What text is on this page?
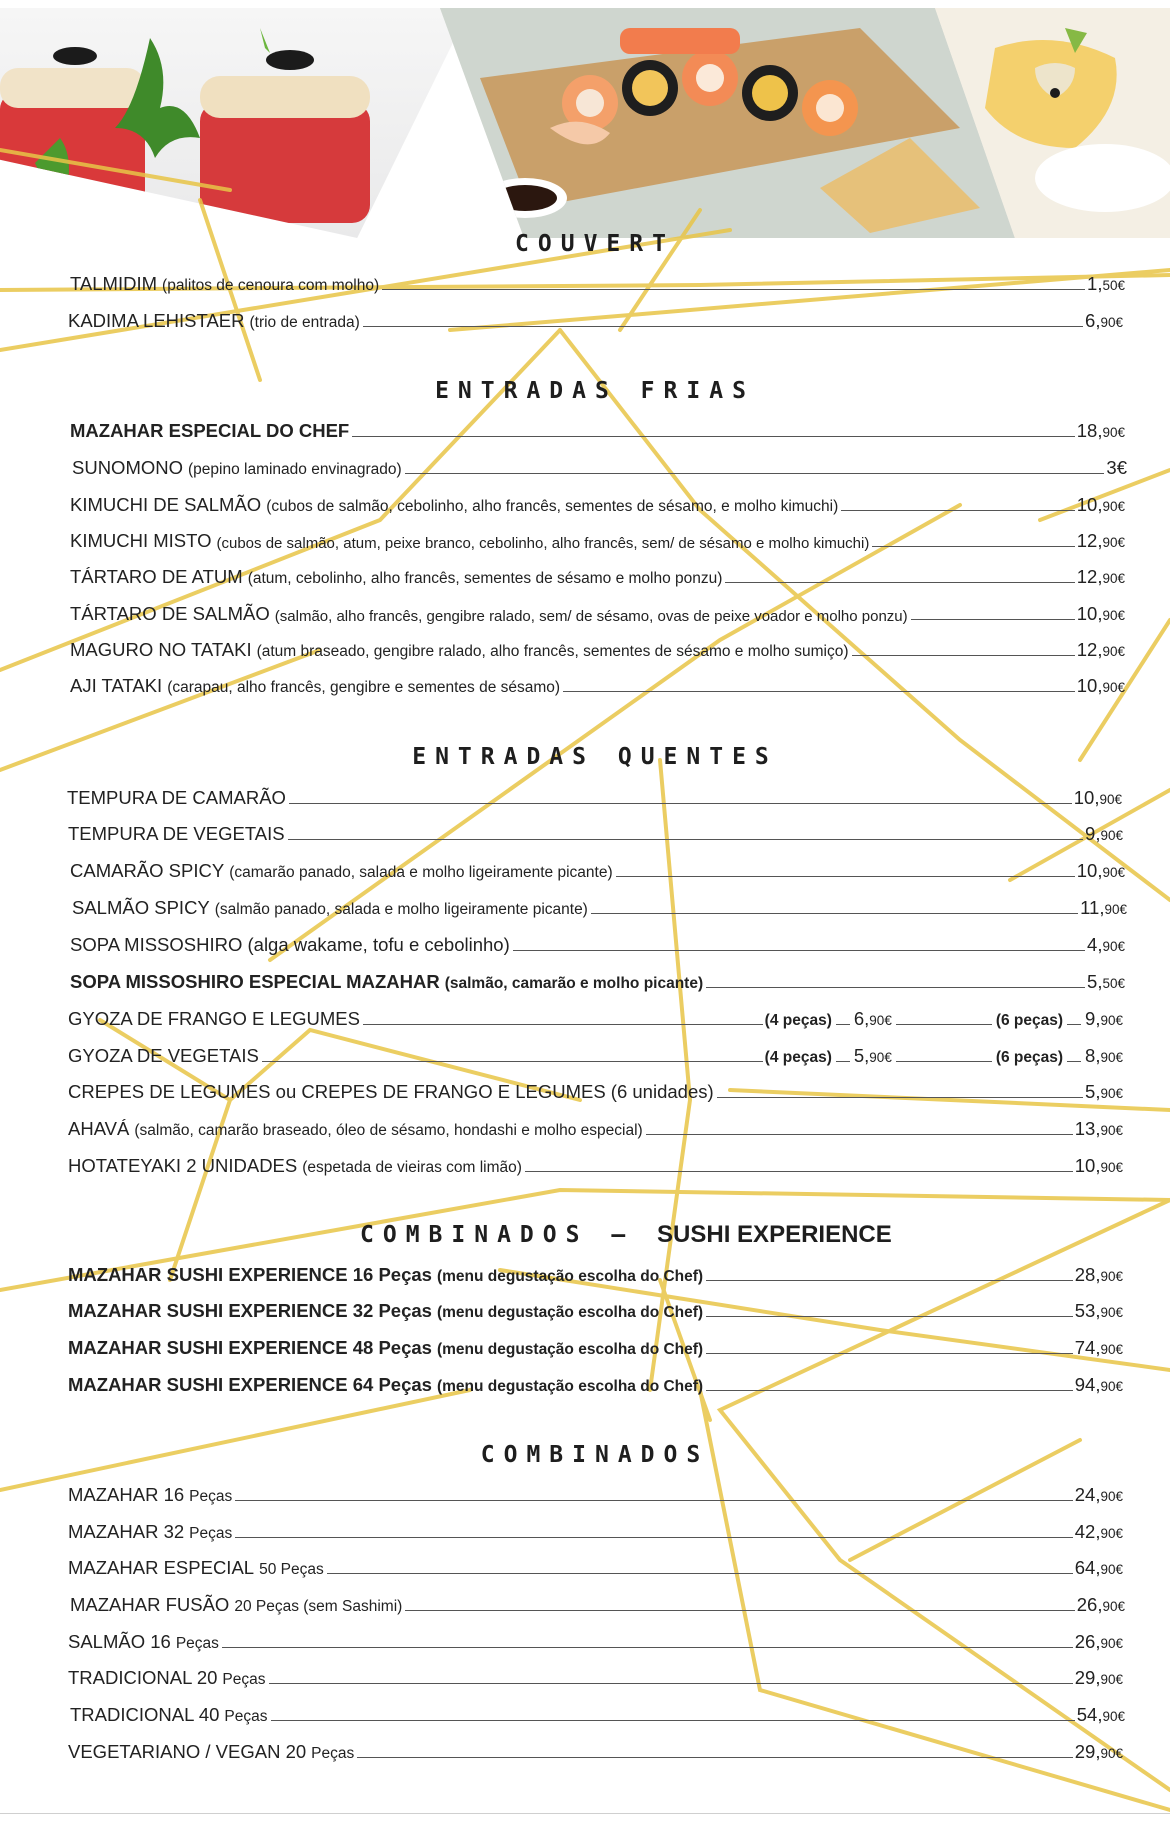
COUVERT
ENTRADAS FRIAS
ENTRADAS QUENTES
COMBINADOS – SUSHI EXPERIENCE
COMBINADOS
TALMIDIM (palitos de cenoura com molho)	1,50€
KADIMA LEHISTAER (trio de entrada)	6,90€
MAZAHAR ESPECIAL DO CHEF	18,90€
SUNOMONO (pepino laminado envinagrado)	3€
KIMUCHI DE SALMÃO (cubos de salmão, cebolinho, alho francês, sementes de sésamo, e molho kimuchi)	10,90€
KIMUCHI MISTO (cubos de salmão, atum, peixe branco, cebolinho, alho francês, sem/ de sésamo e molho kimuchi)	12,90€
TÁRTARO DE ATUM (atum, cebolinho, alho francês, sementes de sésamo e molho ponzu)	12,90€
TÁRTARO DE SALMÃO (salmão, alho francês, gengibre ralado, sem/ de sésamo, ovas de peixe voador e molho ponzu)	10,90€
MAGURO NO TATAKI (atum braseado, gengibre ralado, alho francês, sementes de sésamo e molho sumiço)	12,90€
AJI TATAKI (carapau, alho francês, gengibre e sementes de sésamo)	10,90€
TEMPURA DE CAMARÃO	10,90€
TEMPURA DE VEGETAIS	9,90€
CAMARÃO SPICY (camarão panado, salada e molho ligeiramente picante)	10,90€
SALMÃO SPICY (salmão panado, salada e molho ligeiramente picante)	11,90€
SOPA MISSOSHIRO (alga wakame, tofu e cebolinho)	4,90€
SOPA MISSOSHIRO ESPECIAL MAZAHAR (salmão, camarão e molho picante)	5,50€
GYOZA DE FRANGO E LEGUMES	(4 peças) 6,90€	(6 peças) 9,90€
GYOZA DE VEGETAIS	(4 peças) 5,90€	(6 peças) 8,90€
CREPES DE LEGUMES ou CREPES DE FRANGO E LEGUMES (6 unidades)	5,90€
AHAVÁ (salmão, camarão braseado, óleo de sésamo, hondashi e molho especial)	13,90€
HOTATEYAKI 2 UNIDADES (espetada de vieiras com limão)	10,90€
MAZAHAR SUSHI EXPERIENCE 16 Peças (menu degustação escolha do Chef)	28,90€
MAZAHAR SUSHI EXPERIENCE 32 Peças (menu degustação escolha do Chef)	53,90€
MAZAHAR SUSHI EXPERIENCE 48 Peças (menu degustação escolha do Chef)	74,90€
MAZAHAR SUSHI EXPERIENCE 64 Peças (menu degustação escolha do Chef)	94,90€
MAZAHAR 16 Peças	24,90€
MAZAHAR 32 Peças	42,90€
MAZAHAR ESPECIAL 50 Peças	64,90€
MAZAHAR FUSÃO 20 Peças (sem Sashimi)	26,90€
SALMÃO 16 Peças	26,90€
TRADICIONAL 20 Peças	29,90€
TRADICIONAL 40 Peças	54,90€
VEGETARIANO / VEGAN 20 Peças	29,90€
